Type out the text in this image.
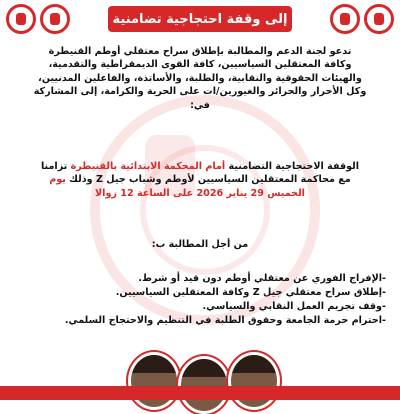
إلى وقفة احتجاجية تضامنية
تدعو لجنة الدعم والمطالبة بإطلاق سراح معتقلي أوطم القنيطرة
وكافة المعتقلين السياسيين، كافة القوى الديمقراطية والتقدمية،
والهيئات الحقوقية والنقابية، والطلبة، والأساتذة، والفاعلين المدنيين،
وكل الأحرار والحرائر والغيورين/ات على الحرية والكرامة، إلى المشاركة
في:
الوقفة الاحتجاجية التضامنية أمام المحكمة الابتدائية بالقنيطرة تزامنا
مع محاكمة المعتقلين السياسيين لأوطم وشباب جيل Z وذلك يوم
الخميس 29 يناير 2026 على الساعة 12 زوالا
من أجل المطالبة ب:
-الإفراج الفوري عن معتقلي أوطم دون قيد أو شرط.
-إطلاق سراح معتقلي جيل Z وكافة المعتقلين السياسيين.
-وقف تجريم العمل النقابي والسياسي.
-احترام حرمة الجامعة وحقوق الطلبة في التنظيم والاحتجاج السلمي.
